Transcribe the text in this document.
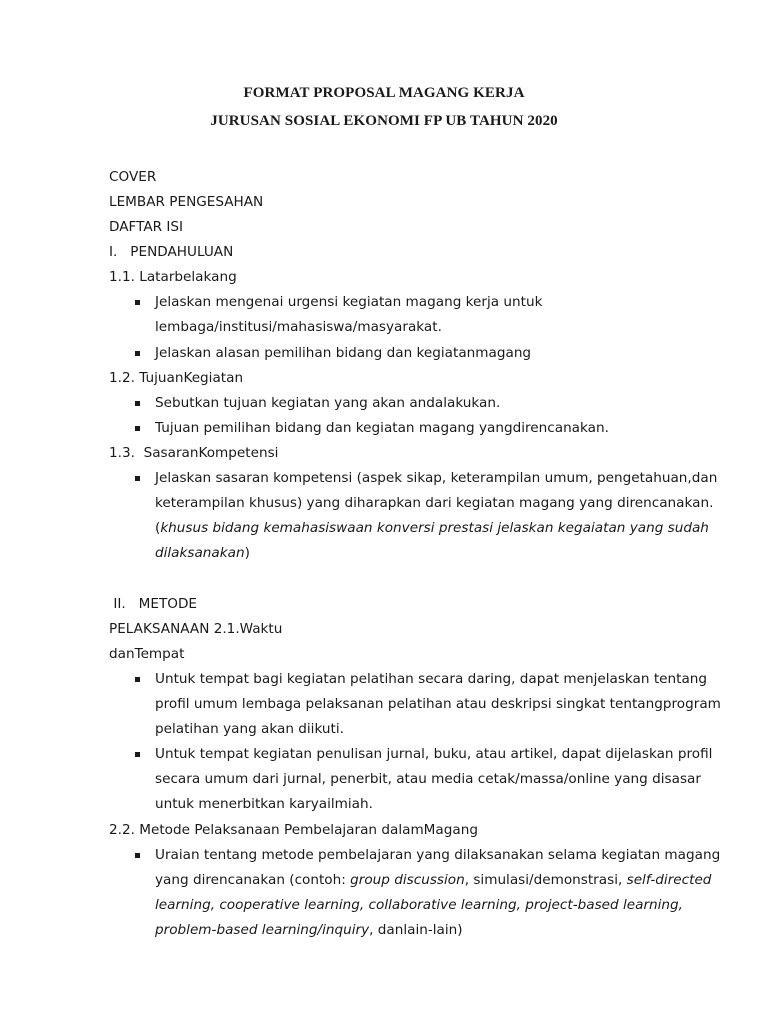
FORMAT PROPOSAL MAGANG KERJA
JURUSAN SOSIAL EKONOMI FP UB TAHUN 2020
COVER
LEMBAR PENGESAHAN
DAFTAR ISI
I.   PENDAHULUAN
1.1. Latarbelakang
Jelaskan mengenai urgensi kegiatan magang kerja untuk
lembaga/institusi/mahasiswa/masyarakat.
Jelaskan alasan pemilihan bidang dan kegiatanmagang
1.2. TujuanKegiatan
Sebutkan tujuan kegiatan yang akan andalakukan.
Tujuan pemilihan bidang dan kegiatan magang yangdirencanakan.
1.3.  SasaranKompetensi
Jelaskan sasaran kompetensi (aspek sikap, keterampilan umum, pengetahuan,dan
keterampilan khusus) yang diharapkan dari kegiatan magang yang direncanakan.
(khusus bidang kemahasiswaan konversi prestasi jelaskan kegaiatan yang sudah
dilaksanakan)
II.   METODE
PELAKSANAAN 2.1.Waktu
danTempat
Untuk tempat bagi kegiatan pelatihan secara daring, dapat menjelaskan tentang
profil umum lembaga pelaksanan pelatihan atau deskripsi singkat tentangprogram
pelatihan yang akan diikuti.
Untuk tempat kegiatan penulisan jurnal, buku, atau artikel, dapat dijelaskan profil
secara umum dari jurnal, penerbit, atau media cetak/massa/online yang disasar
untuk menerbitkan karyailmiah.
2.2. Metode Pelaksanaan Pembelajaran dalamMagang
Uraian tentang metode pembelajaran yang dilaksanakan selama kegiatan magang
yang direncanakan (contoh: group discussion, simulasi/demonstrasi, self-directed
learning, cooperative learning, collaborative learning, project-based learning,
problem-based learning/inquiry, danlain-lain)
